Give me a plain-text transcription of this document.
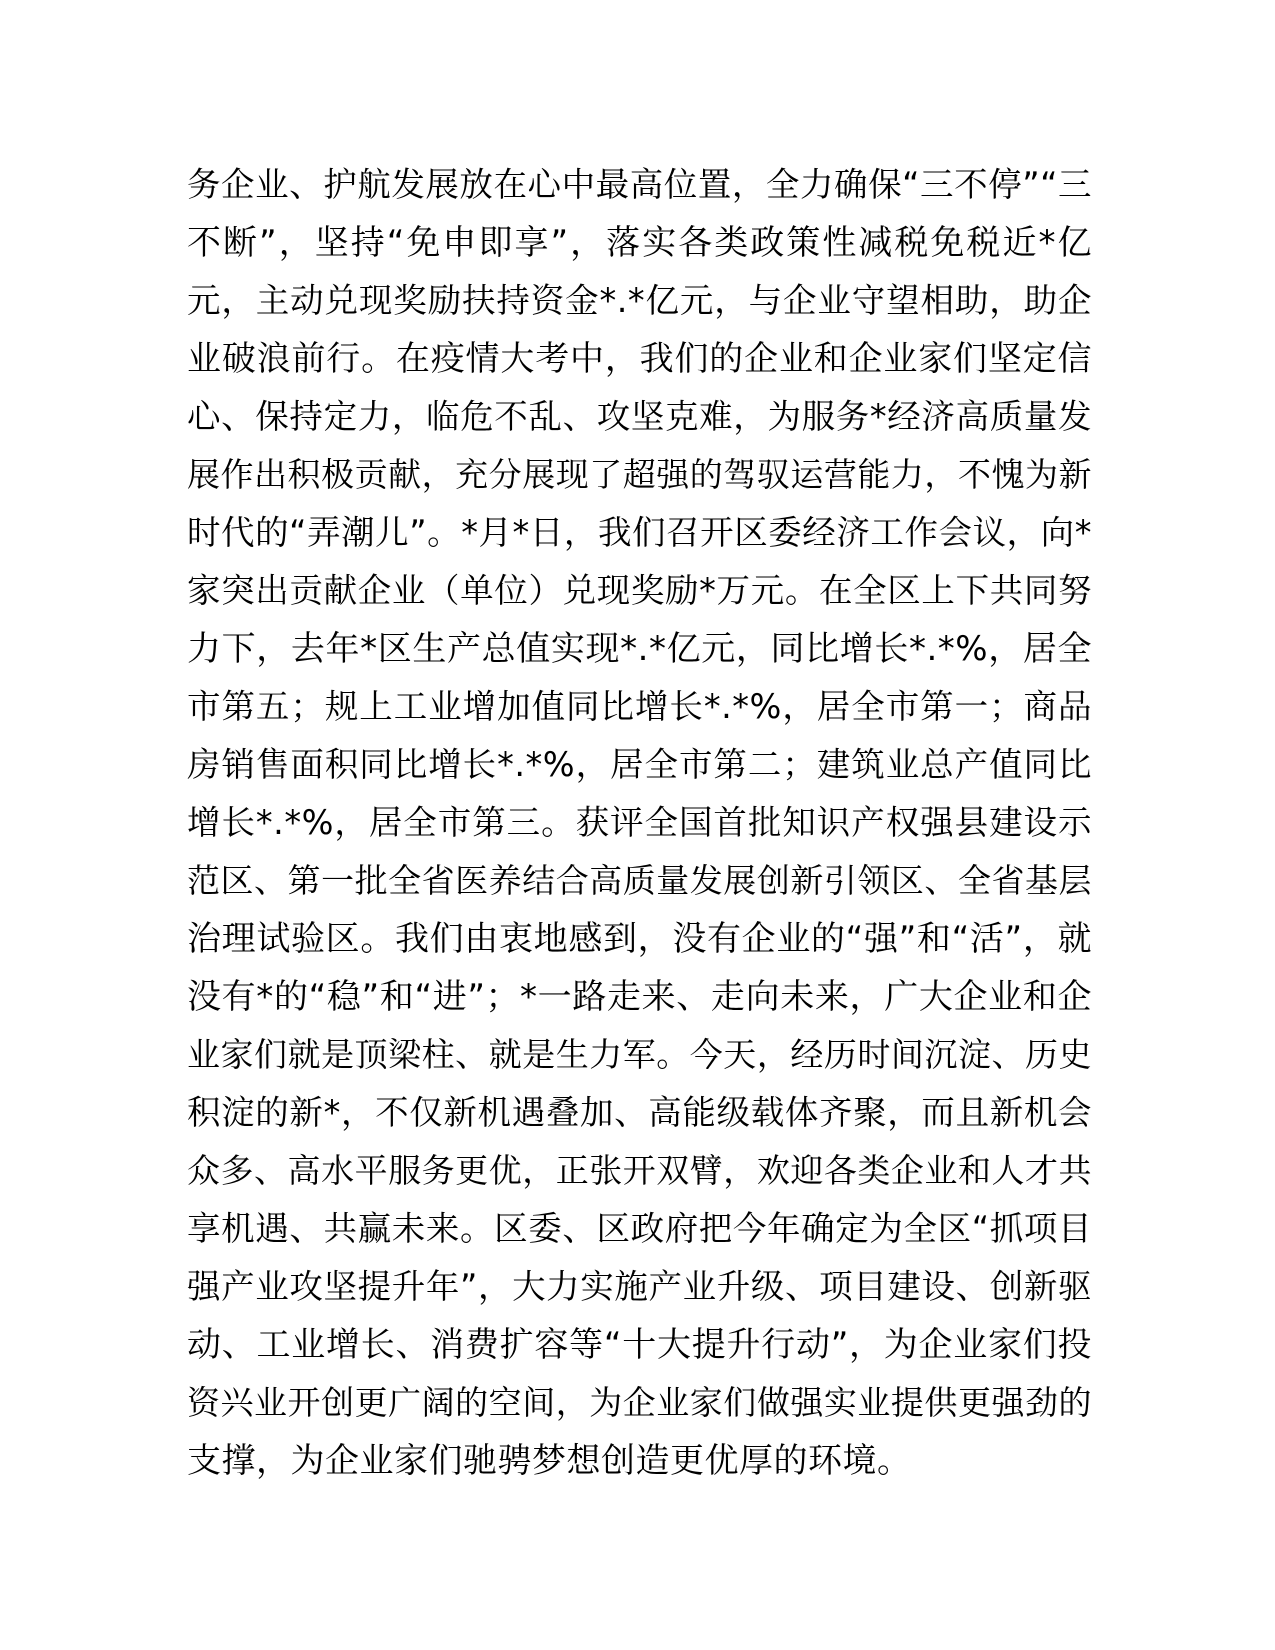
务企业、护航发展放在心中最高位置，全力确保“三不停”“三
不断”，坚持“免申即享”，落实各类政策性减税免税近*亿
元，主动兑现奖励扶持资金*.*亿元，与企业守望相助，助企
业破浪前行。在疫情大考中，我们的企业和企业家们坚定信
心、保持定力，临危不乱、攻坚克难，为服务*经济高质量发
展作出积极贡献，充分展现了超强的驾驭运营能力，不愧为新
时代的“弄潮儿”。*月*日，我们召开区委经济工作会议，向*
家突出贡献企业（单位）兑现奖励*万元。在全区上下共同努
力下，去年*区生产总值实现*.*亿元，同比增长*.*%，居全
市第五；规上工业增加值同比增长*.*%，居全市第一；商品
房销售面积同比增长*.*%，居全市第二；建筑业总产值同比
增长*.*%，居全市第三。获评全国首批知识产权强县建设示
范区、第一批全省医养结合高质量发展创新引领区、全省基层
治理试验区。我们由衷地感到，没有企业的“强”和“活”，就
没有*的“稳”和“进”；*一路走来、走向未来，广大企业和企
业家们就是顶梁柱、就是生力军。今天，经历时间沉淀、历史
积淀的新*，不仅新机遇叠加、高能级载体齐聚，而且新机会
众多、高水平服务更优，正张开双臂，欢迎各类企业和人才共
享机遇、共赢未来。区委、区政府把今年确定为全区“抓项目
强产业攻坚提升年”，大力实施产业升级、项目建设、创新驱
动、工业增长、消费扩容等“十大提升行动”，为企业家们投
资兴业开创更广阔的空间，为企业家们做强实业提供更强劲的
支撑，为企业家们驰骋梦想创造更优厚的环境。
